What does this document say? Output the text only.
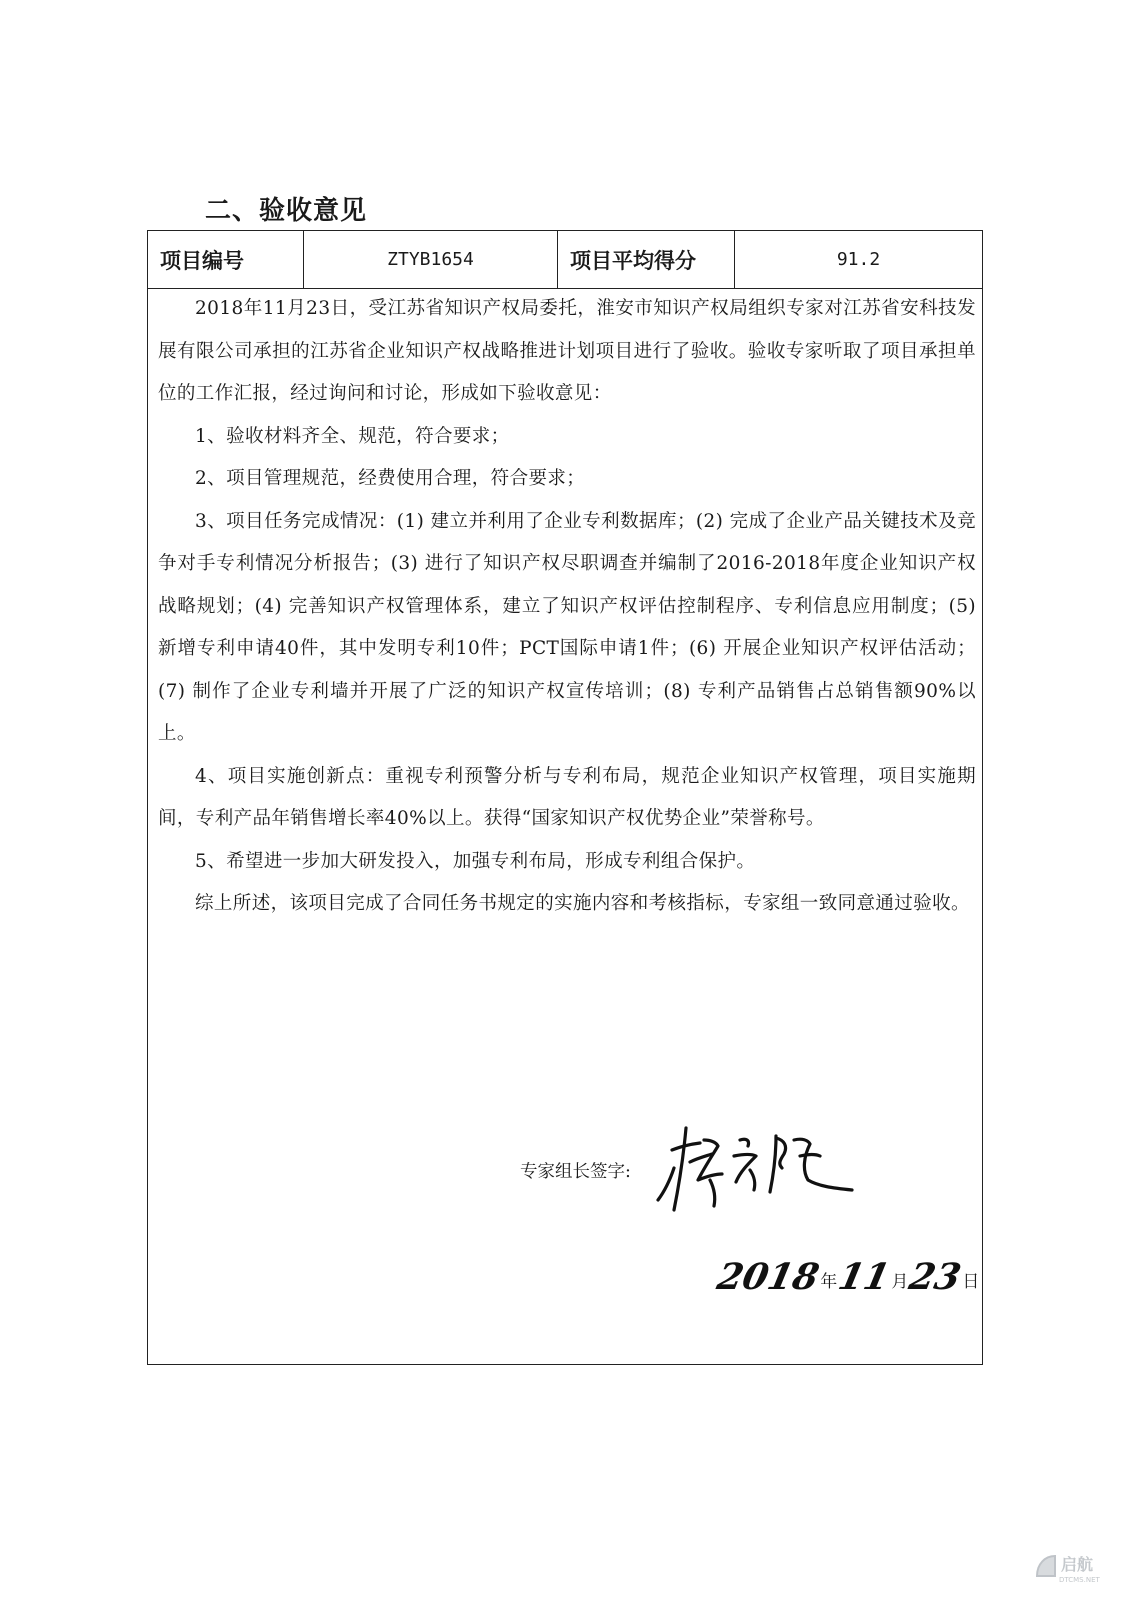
二、验收意见
项目编号	ZTYB1654	项目平均得分	91.2

2018年11月23日，受江苏省知识产权局委托，淮安市知识产权局组织专家对江苏省安科技发展有限公司承担的江苏省企业知识产权战略推进计划项目进行了验收。验收专家听取了项目承担单位的工作汇报，经过询问和讨论，形成如下验收意见：

1、验收材料齐全、规范，符合要求；

2、项目管理规范，经费使用合理，符合要求；

3、项目任务完成情况：(1) 建立并利用了企业专利数据库；(2) 完成了企业产品关键技术及竞争对手专利情况分析报告；(3) 进行了知识产权尽职调查并编制了2016-2018年度企业知识产权战略规划；(4) 完善知识产权管理体系，建立了知识产权评估控制程序、专利信息应用制度；(5) 新增专利申请40件，其中发明专利10件；PCT国际申请1件；(6) 开展企业知识产权评估活动；(7) 制作了企业专利墙并开展了广泛的知识产权宣传培训；(8) 专利产品销售占总销售额90%以上。

4、项目实施创新点：重视专利预警分析与专利布局，规范企业知识产权管理，项目实施期间，专利产品年销售增长率40%以上。获得“国家知识产权优势企业”荣誉称号。

5、希望进一步加大研发投入，加强专利布局，形成专利组合保护。

综上所述，该项目完成了合同任务书规定的实施内容和考核指标，专家组一致同意通过验收。

专家组长签字:
2018
年
11
月
23
日
启航
DTCMS.NET
